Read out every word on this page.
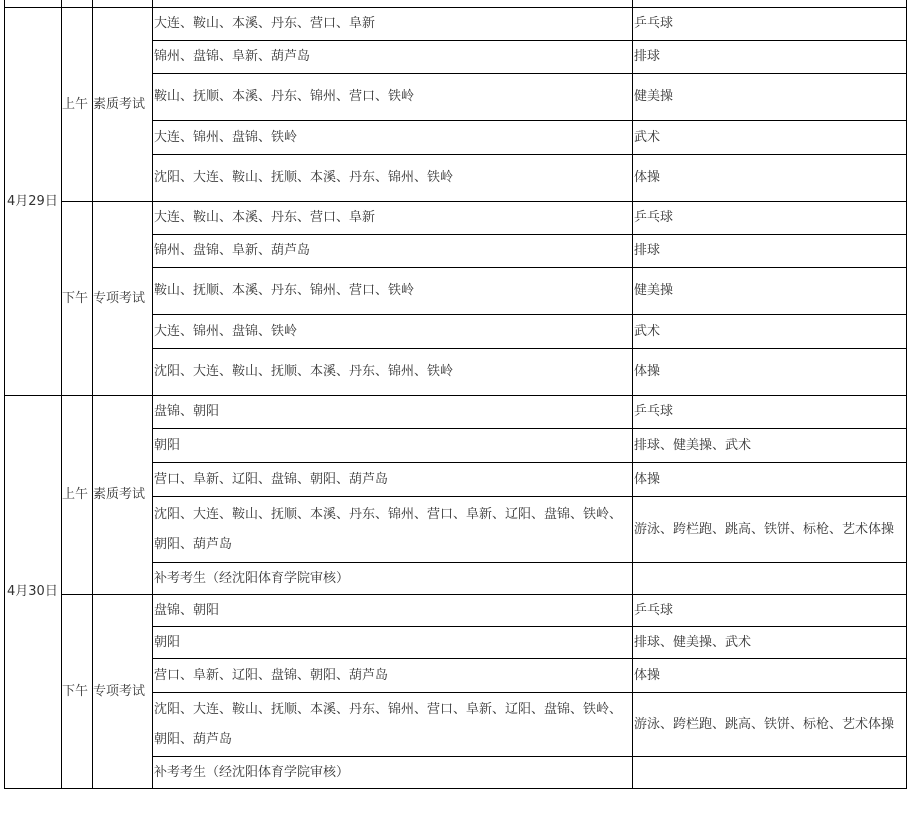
4月29日	上午	素质考试	大连、鞍山、本溪、丹东、营口、阜新	乒乓球
			锦州、盘锦、阜新、葫芦岛	排球
			鞍山、抚顺、本溪、丹东、锦州、营口、铁岭	健美操
			大连、锦州、盘锦、铁岭	武术
			沈阳、大连、鞍山、抚顺、本溪、丹东、锦州、铁岭	体操
	下午	专项考试	大连、鞍山、本溪、丹东、营口、阜新	乒乓球
			锦州、盘锦、阜新、葫芦岛	排球
			鞍山、抚顺、本溪、丹东、锦州、营口、铁岭	健美操
			大连、锦州、盘锦、铁岭	武术
			沈阳、大连、鞍山、抚顺、本溪、丹东、锦州、铁岭	体操
4月30日	上午	素质考试	盘锦、朝阳	乒乓球
			朝阳	排球、健美操、武术
			营口、阜新、辽阳、盘锦、朝阳、葫芦岛	体操
			沈阳、大连、鞍山、抚顺、本溪、丹东、锦州、营口、阜新、辽阳、盘锦、铁岭、朝阳、葫芦岛	游泳、跨栏跑、跳高、铁饼、标枪、艺术体操
			补考考生（经沈阳体育学院审核）	
	下午	专项考试	盘锦、朝阳	乒乓球
			朝阳	排球、健美操、武术
			营口、阜新、辽阳、盘锦、朝阳、葫芦岛	体操
			沈阳、大连、鞍山、抚顺、本溪、丹东、锦州、营口、阜新、辽阳、盘锦、铁岭、朝阳、葫芦岛	游泳、跨栏跑、跳高、铁饼、标枪、艺术体操
			补考考生（经沈阳体育学院审核）	
